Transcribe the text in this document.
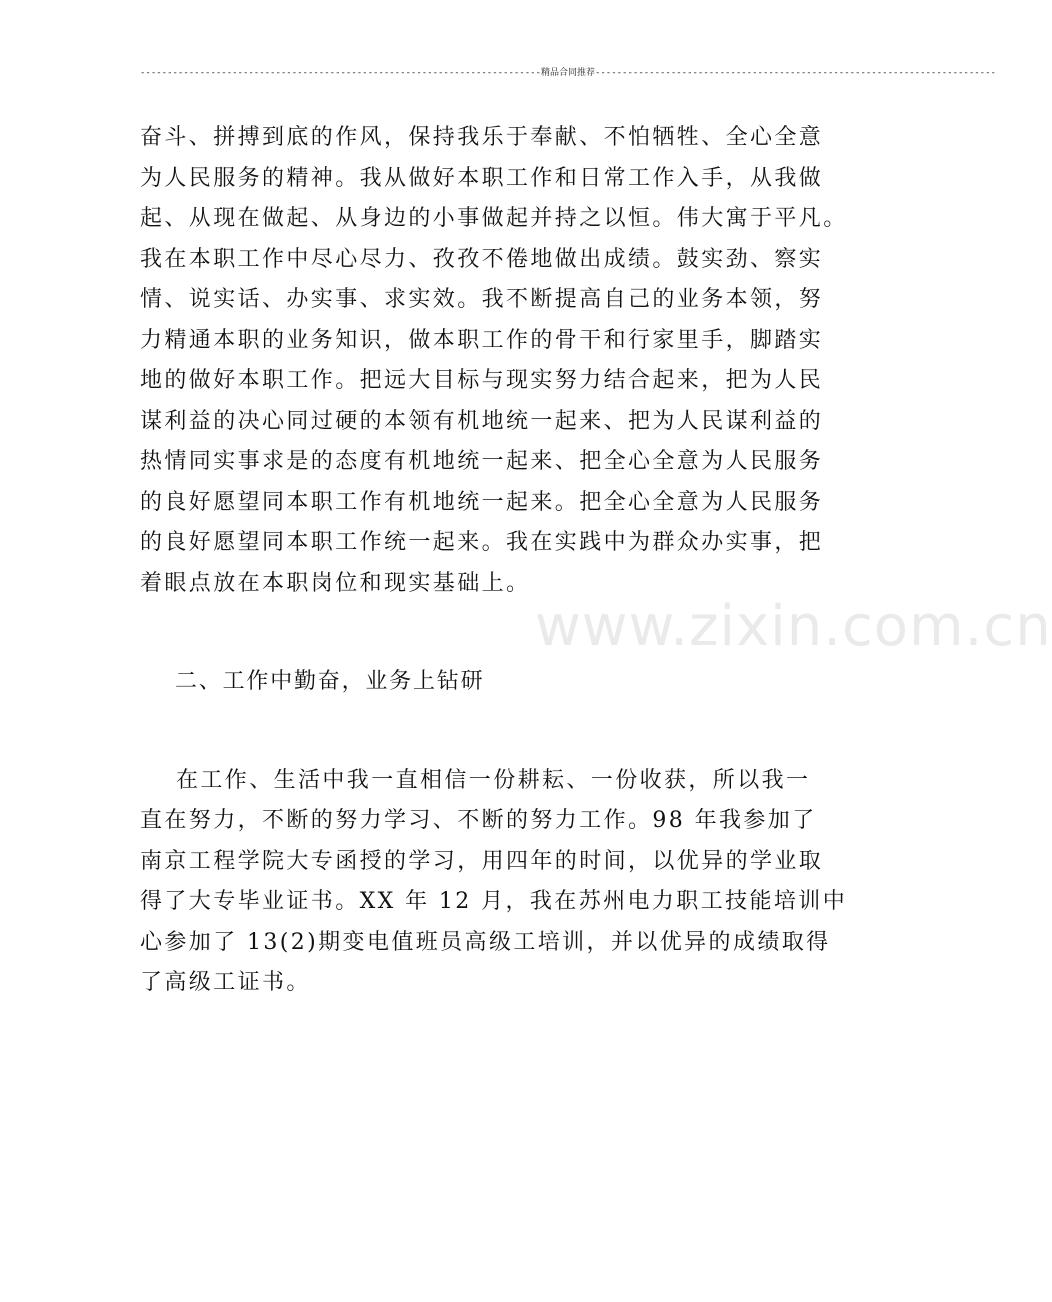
--------------------------------------------------------------------------精品合同推荐--------------------------------------------------------------------------
www.zixin.com.cn
奋斗、拼搏到底的作风，保持我乐于奉献、不怕牺牲、全心全意
为人民服务的精神。我从做好本职工作和日常工作入手，从我做
起、从现在做起、从身边的小事做起并持之以恒。伟大寓于平凡。
我在本职工作中尽心尽力、孜孜不倦地做出成绩。鼓实劲、察实
情、说实话、办实事、求实效。我不断提高自己的业务本领，努
力精通本职的业务知识，做本职工作的骨干和行家里手，脚踏实
地的做好本职工作。把远大目标与现实努力结合起来，把为人民
谋利益的决心同过硬的本领有机地统一起来、把为人民谋利益的
热情同实事求是的态度有机地统一起来、把全心全意为人民服务
的良好愿望同本职工作有机地统一起来。把全心全意为人民服务
的良好愿望同本职工作统一起来。我在实践中为群众办实事，把
着眼点放在本职岗位和现实基础上。
二、工作中勤奋，业务上钻研
在工作、生活中我一直相信一份耕耘、一份收获，所以我一
直在努力，不断的努力学习、不断的努力工作。98 年我参加了
南京工程学院大专函授的学习，用四年的时间，以优异的学业取
得了大专毕业证书。XX 年 12 月，我在苏州电力职工技能培训中
心参加了 13(2)期变电值班员高级工培训，并以优异的成绩取得
了高级工证书。
